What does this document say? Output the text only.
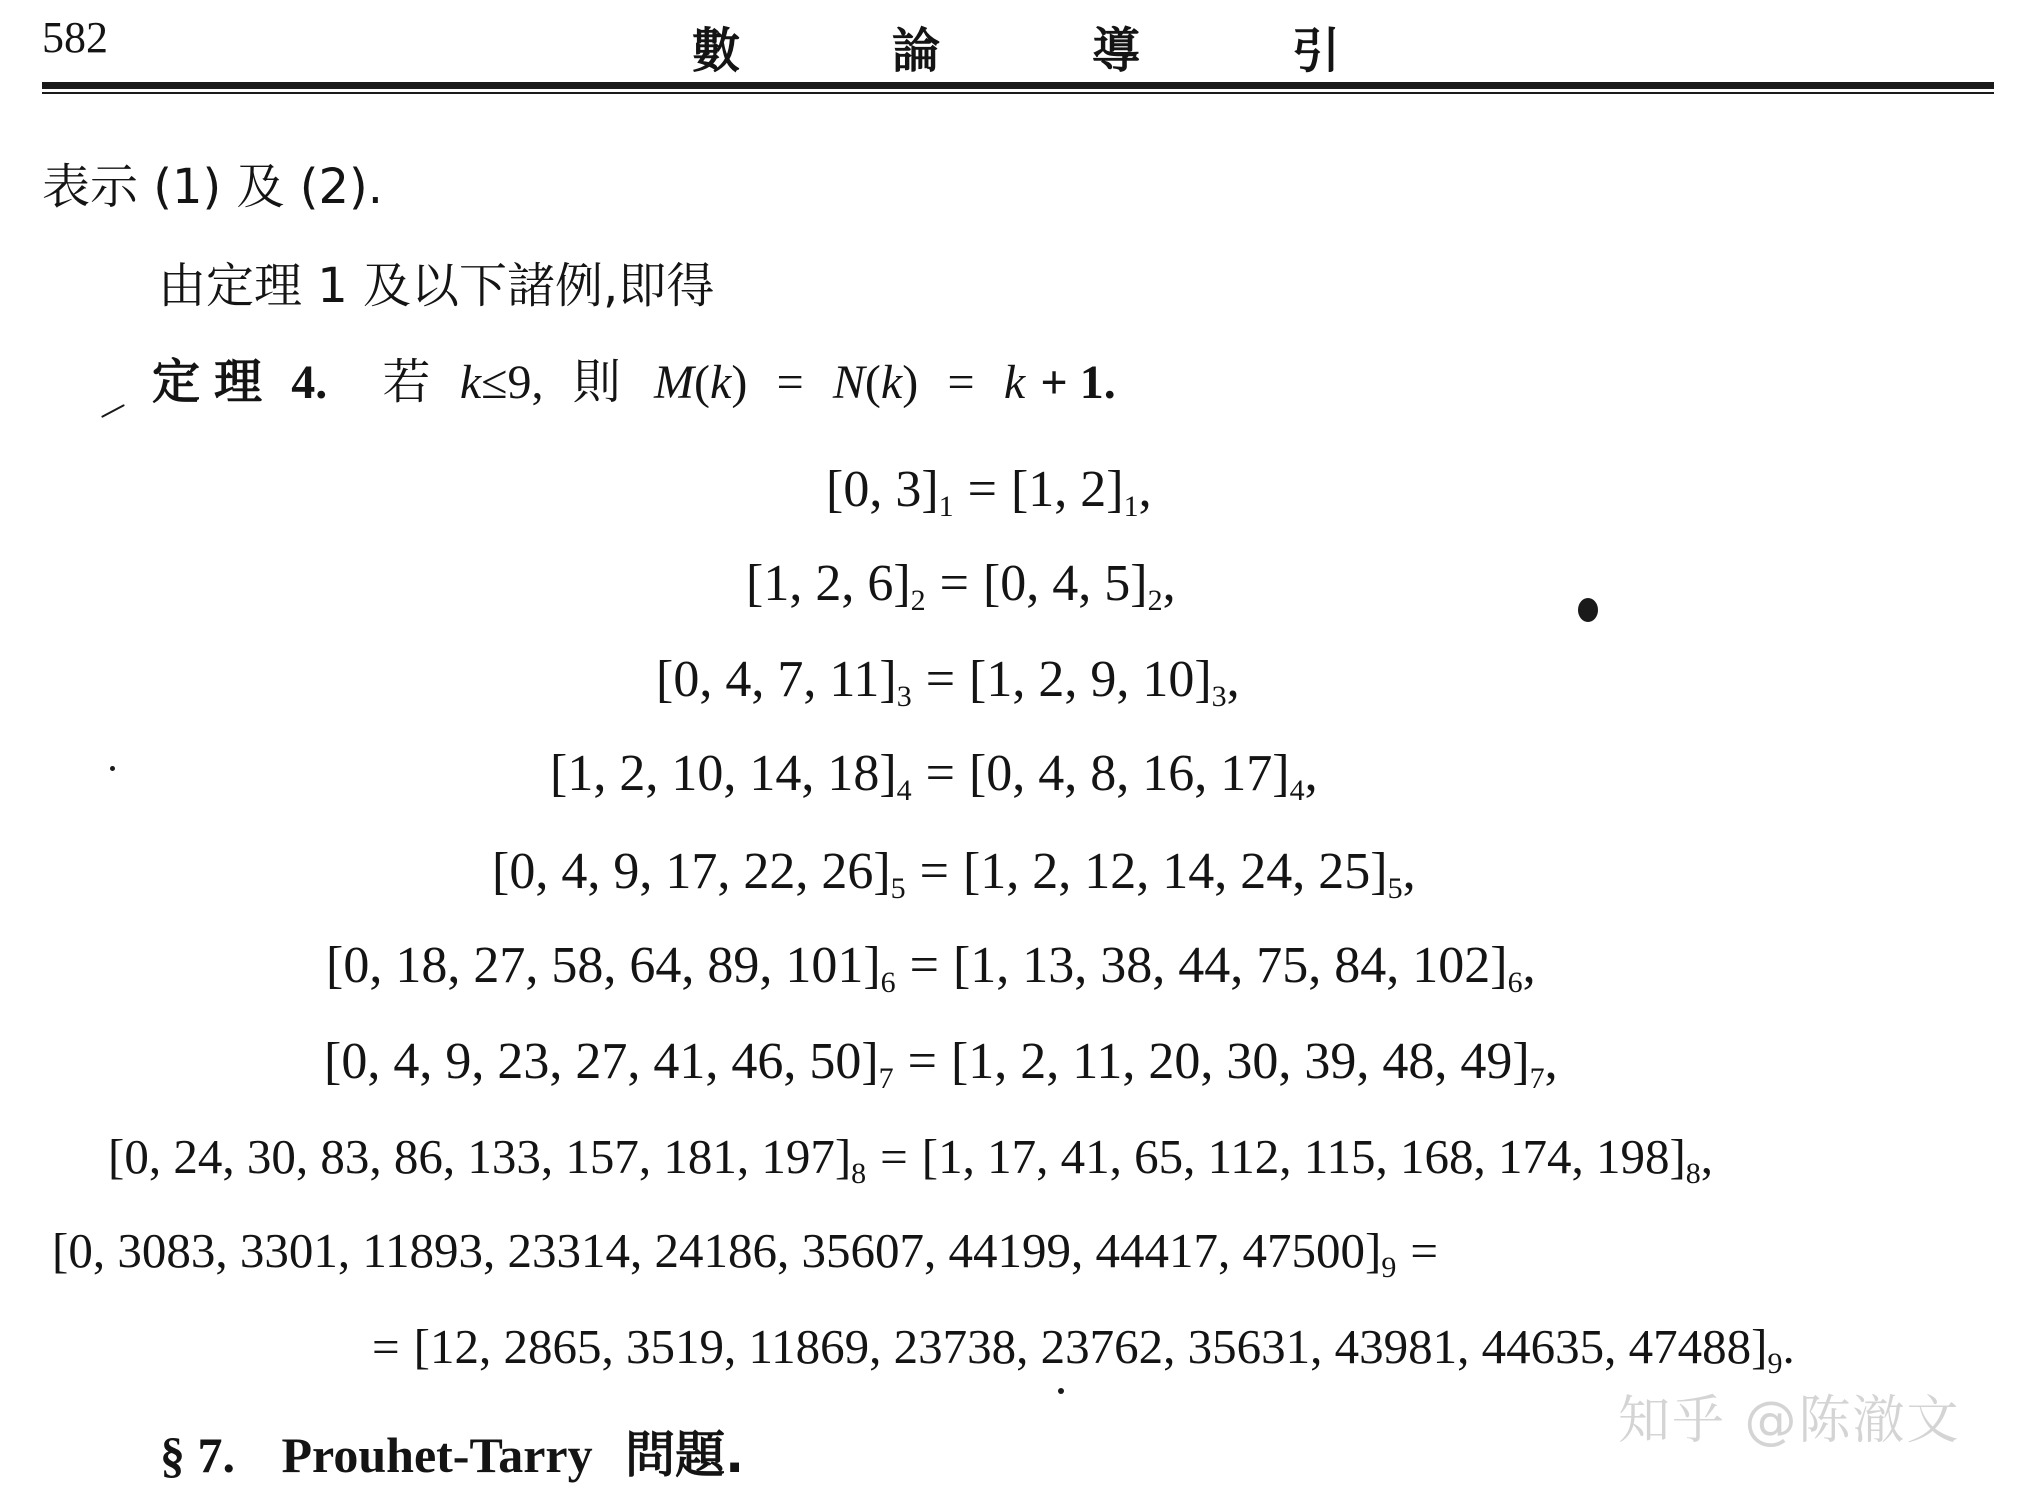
582	數	論	導	引
表示 (1) 及 (2).
由定理 1 及以下諸例,即得
定理 4. 若 k≤9, 則 M(k) = N(k) = k + 1.
[0, $3]_1 = [1$, $2]_1$,
[1, 2, $6]_2 = [0$, 4, $5]_2$,
[0, 4, 7, $11]_3 = [1$, 2, 9, $10]_3$,
[1, 2, 10, 14, $18]_4 = [0$, 4, 8, 16, $17]_4$,
[0, 4, 9, 17, 22, $26]_5 = [1$, 2, 12, 14, 24, $25]_5$,
[0, 18, 27, 58, 64, 89, $101]_6 = [1$, 13, 38, 44, 75, 84, $102]_6$,
[0, 4, 9, 23, 27, 41, 46, $50]_7 = [1$, 2, 11, 20, 30, 39, 48, $49]_7$,
[0, 24, 30, 83, 86, 133, 157, 181, $197]_8 = [1$, 17, 41, 65, 112, 115, 168, 174, $198]_8$,
[0, 3083, 3301, 11893, 23314, 24186, 35607, 44199, 44417, $47500]_9$ =
= [12, 2865, 3519, 11869, 23738, 23762, 35631, 43981, 44635, $47488]_9$.
§ 7. Prouhet-Tarry 問題.
知乎 @陈澈文
